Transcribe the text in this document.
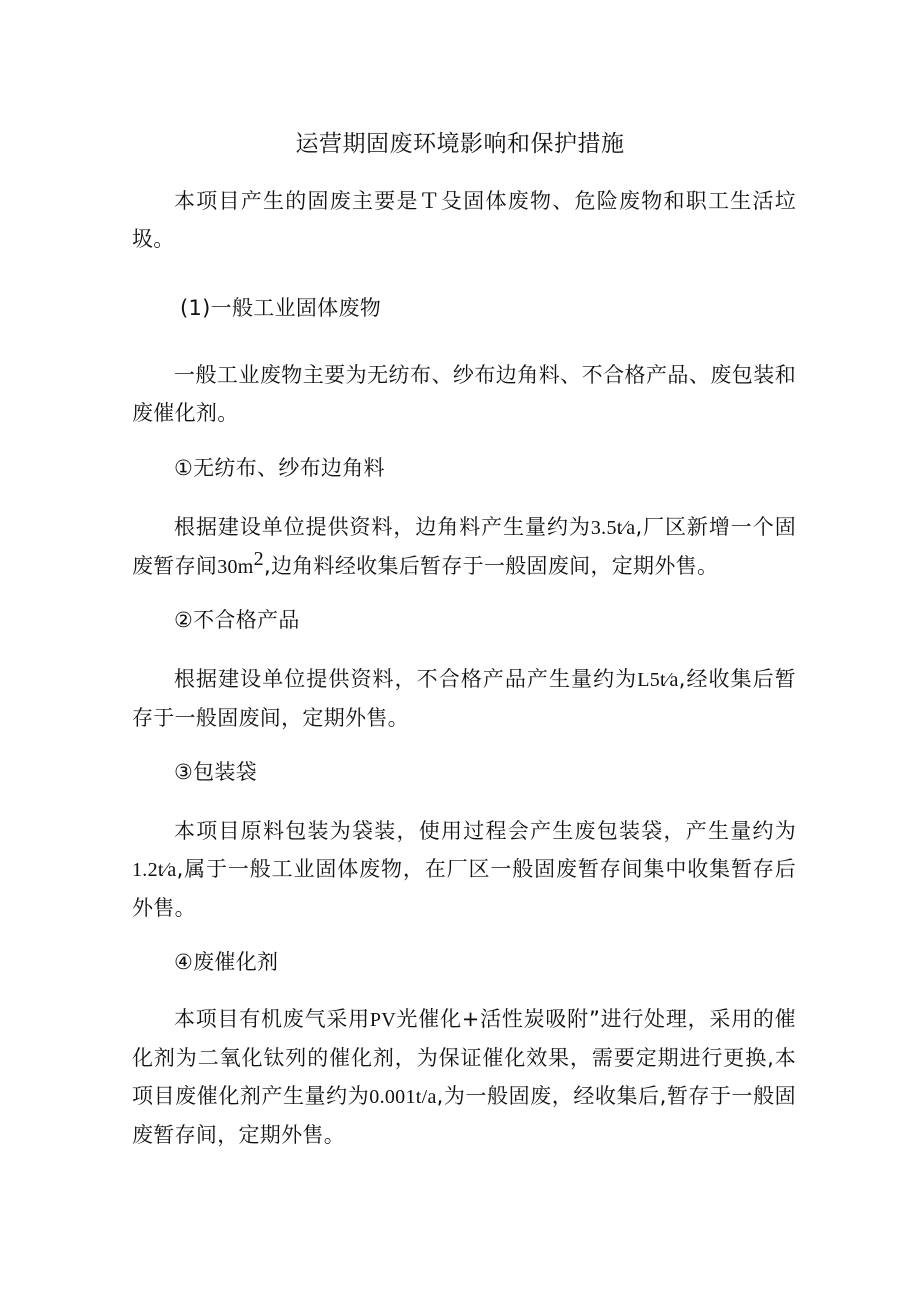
运营期固废环境影响和保护措施
本项目产生的固废主要是Ｔ殳固体废物、危险废物和职工生活垃圾。
(1)一般工业固体废物
一般工业废物主要为无纺布、纱布边角料、不合格产品、废包装和废催化剂。
①无纺布、纱布边角料
根据建设单位提供资料，边角料产生量约为3.5t∕a,厂区新增一个固废暂存间$30m^2$,边角料经收集后暂存于一般固废间，定期外售。
②不合格产品
根据建设单位提供资料，不合格产品产生量约为L5t∕a,经收集后暂存于一般固废间，定期外售。
③包装袋
本项目原料包装为袋装，使用过程会产生废包装袋，产生量约为1.2t∕a,属于一般工业固体废物，在厂区一般固废暂存间集中收集暂存后外售。
④废催化剂
本项目有机废气采用PV光催化+活性炭吸附”进行处理，采用的催化剂为二氧化钛列的催化剂，为保证催化效果，需要定期进行更换,本项目废催化剂产生量约为0.001t/a,为一般固废，经收集后,暂存于一般固废暂存间，定期外售。
